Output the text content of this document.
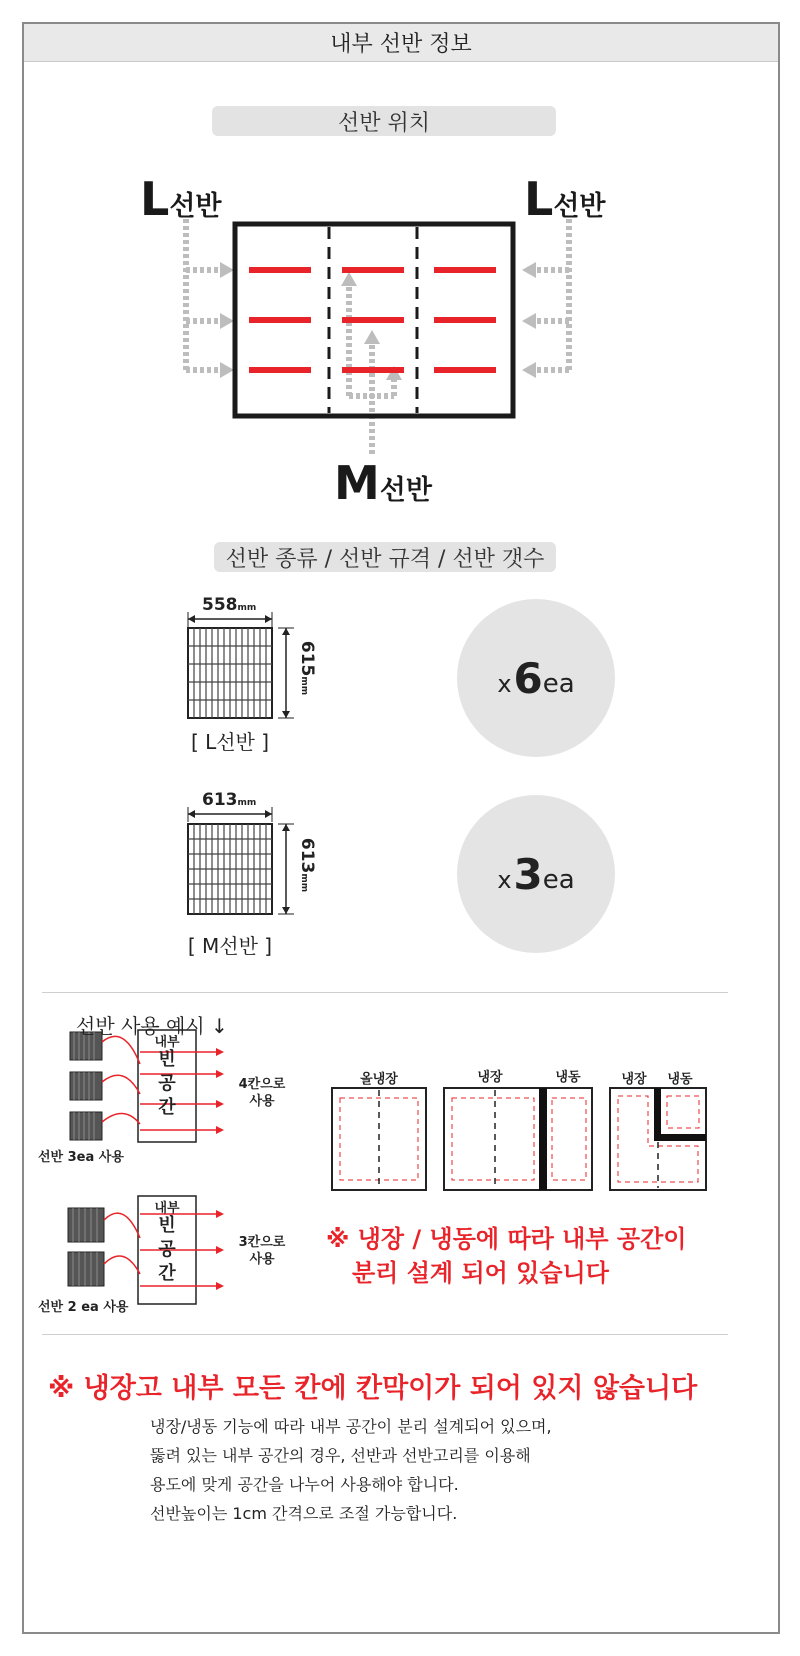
내부 선반 정보
선반 위치
L선반	L선반
M선반
선반 종류 / 선반 규격 / 선반 갯수
558mm
615mm
[ L선반 ]
x 6 ea
613mm
613mm
[ M선반 ]
x 3 ea
선반 사용 예시 ↓
내부
빈
공
간
4칸으로
사용
선반 3ea 사용
내부
빈
공
간
3칸으로
사용
선반 2 ea 사용
올냉장	냉장	냉동	냉장	냉동
※ 냉장 / 냉동에 따라 내부 공간이
분리 설계 되어 있습니다
※ 냉장고 내부 모든 칸에 칸막이가 되어 있지 않습니다
냉장/냉동 기능에 따라 내부 공간이 분리 설계되어 있으며,
뚫려 있는 내부 공간의 경우, 선반과 선반고리를 이용해
용도에 맞게 공간을 나누어 사용해야 합니다.
선반높이는 1cm 간격으로 조절 가능합니다.
